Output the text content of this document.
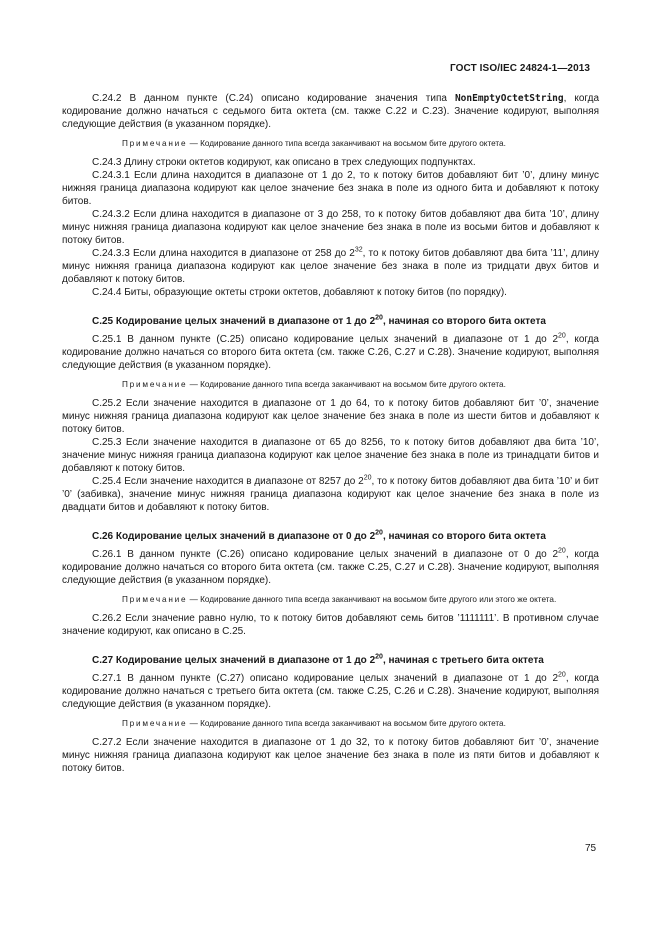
ГОСТ ISO/IEC 24824-1—2013

C.24.2 В данном пункте (С.24) описано кодирование значения типа NonEmptyOctetString, когда кодирование должно начаться с седьмого бита октета (см. также С.22 и С.23). Значение кодируют, выполняя следующие действия (в указанном порядке).

Примечание — Кодирование данного типа всегда заканчивают на восьмом бите другого октета.

С.24.3 Длину строки октетов кодируют, как описано в трех следующих подпунктах.

С.24.3.1 Если длина находится в диапазоне от 1 до 2, то к потоку битов добавляют бит ’0’, длину минус нижняя граница диапазона кодируют как целое значение без знака в поле из одного бита и добавляют к потоку битов.

С.24.3.2 Если длина находится в диапазоне от 3 до 258, то к потоку битов добавляют два бита ’10’, длину минус нижняя граница диапазона кодируют как целое значение без знака в поле из восьми битов и добавляют к потоку битов.

С.24.3.3 Если длина находится в диапазоне от 258 до $2^{32}$, то к потоку битов добавляют два бита ’11’, длину минус нижняя граница диапазона кодируют как целое значение без знака в поле из тридцати двух битов и добавляют к потоку битов.

С.24.4 Биты, образующие октеты строки октетов, добавляют к потоку битов (по порядку).

С.25 Кодирование целых значений в диапазоне от 1 до $2^{20}$, начиная со второго бита октета

С.25.1 В данном пункте (С.25) описано кодирование целых значений в диапазоне от 1 до $2^{20}$, когда кодирование должно начаться со второго бита октета (см. также С.26, С.27 и С.28). Значение кодируют, выполняя следующие действия (в указанном порядке).

Примечание — Кодирование данного типа всегда заканчивают на восьмом бите другого октета.

С.25.2 Если значение находится в диапазоне от 1 до 64, то к потоку битов добавляют бит ’0’, значение минус нижняя граница диапазона кодируют как целое значение без знака в поле из шести битов и добавляют к потоку битов.

С.25.3 Если значение находится в диапазоне от 65 до 8256, то к потоку битов добавляют два бита ’10’, значение минус нижняя граница диапазона кодируют как целое значение без знака в поле из тринадцати битов и добавляют к потоку битов.

С.25.4 Если значение находится в диапазоне от 8257 до $2^{20}$, то к потоку битов добавляют два бита ’10’ и бит ’0’ (забивка), значение минус нижняя граница диапазона кодируют как целое значение без знака в поле из двадцати битов и добавляют к потоку битов.

С.26 Кодирование целых значений в диапазоне от 0 до $2^{20}$, начиная со второго бита октета

С.26.1 В данном пункте (С.26) описано кодирование целых значений в диапазоне от 0 до $2^{20}$, когда кодирование должно начаться со второго бита октета (см. также С.25, С.27 и С.28). Значение кодируют, выполняя следующие действия (в указанном порядке).

Примечание — Кодирование данного типа всегда заканчивают на восьмом бите другого или этого же октета.

С.26.2 Если значение равно нулю, то к потоку битов добавляют семь битов ’1111111’. В противном случае значение кодируют, как описано в С.25.

С.27 Кодирование целых значений в диапазоне от 1 до $2^{20}$, начиная с третьего бита октета

С.27.1 В данном пункте (С.27) описано кодирование целых значений в диапазоне от 1 до $2^{20}$, когда кодирование должно начаться с третьего бита октета (см. также С.25, С.26 и С.28). Значение кодируют, выполняя следующие действия (в указанном порядке).

Примечание — Кодирование данного типа всегда заканчивают на восьмом бите другого октета.

С.27.2 Если значение находится в диапазоне от 1 до 32, то к потоку битов добавляют бит ’0’, значение минус нижняя граница диапазона кодируют как целое значение без знака в поле из пяти битов и добавляют к потоку битов.

75
